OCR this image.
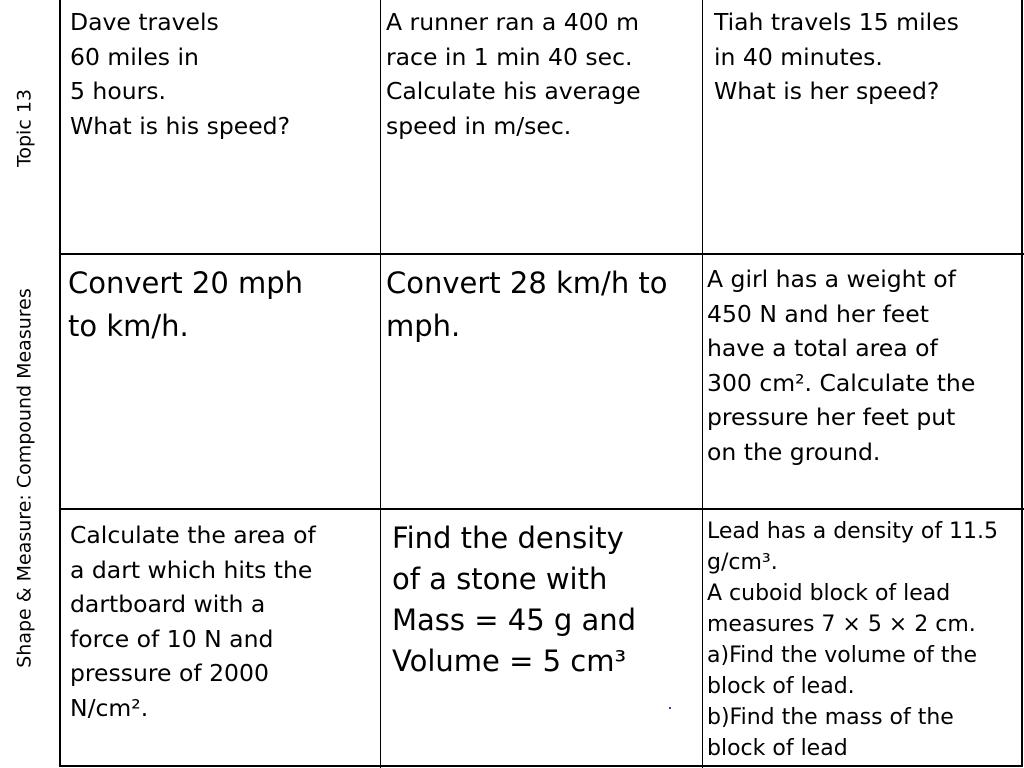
Topic 13
Shape & Measure: Compound Measures
Dave travels
60 miles in
5 hours.
What is his speed?
A runner ran a 400 m
race in 1 min 40 sec.
Calculate his average
speed in m/sec.
Tiah travels 15 miles
in 40 minutes.
What is her speed?
Convert 20 mph
to km/h.
Convert 28 km/h to
mph.
A girl has a weight of
450 N and her feet
have a total area of
300 cm². Calculate the
pressure her feet put
on the ground.
Calculate the area of
a dart which hits the
dartboard with a
force of 10 N and
pressure of 2000
N/cm².
Find the density
of a stone with
Mass = 45 g and
Volume = 5 cm³
Lead has a density of 11.5
g/cm³.
A cuboid block of lead
measures 7 × 5 × 2 cm.
a)Find the volume of the
block of lead.
b)Find the mass of the
block of lead
